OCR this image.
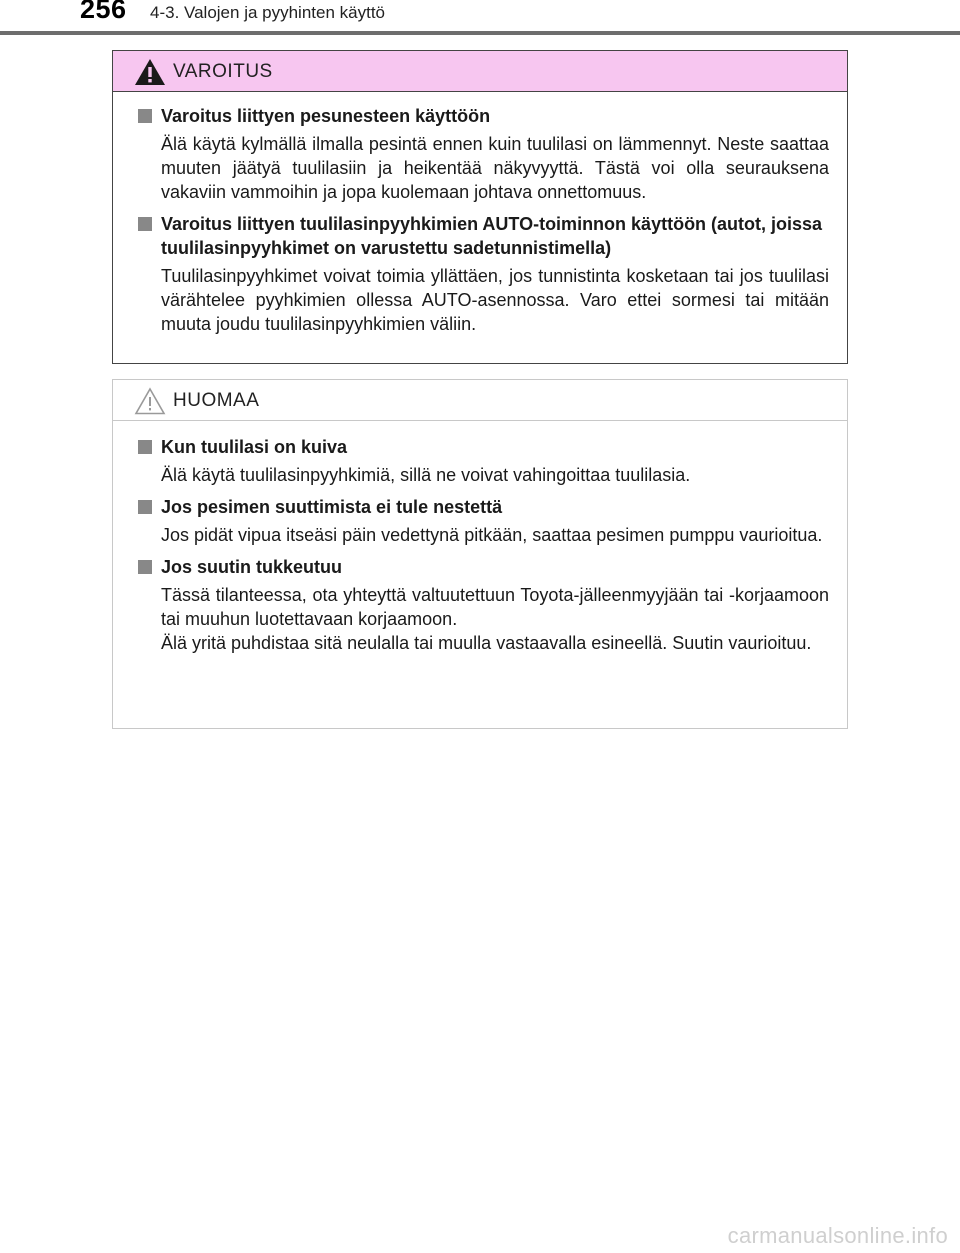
256 4-3. Valojen ja pyyhinten käyttö
VAROITUS
Varoitus liittyen pesunesteen käyttöön
Älä käytä kylmällä ilmalla pesintä ennen kuin tuulilasi on lämmennyt. Neste saattaa muuten jäätyä tuulilasiin ja heikentää näkyvyyttä. Tästä voi olla seurauksena vakaviin vammoihin ja jopa kuolemaan johtava onnettomuus.
Varoitus liittyen tuulilasinpyyhkimien AUTO-toiminnon käyttöön (autot, joissa tuulilasinpyyhkimet on varustettu sadetunnistimella)
Tuulilasinpyyhkimet voivat toimia yllättäen, jos tunnistinta kosketaan tai jos tuulilasi värähtelee pyyhkimien ollessa AUTO-asennossa. Varo ettei sormesi tai mitään muuta joudu tuulilasinpyyhkimien väliin.
HUOMAA
Kun tuulilasi on kuiva
Älä käytä tuulilasinpyyhkimiä, sillä ne voivat vahingoittaa tuulilasia.
Jos pesimen suuttimista ei tule nestettä
Jos pidät vipua itseäsi päin vedettynä pitkään, saattaa pesimen pumppu vaurioitua.
Jos suutin tukkeutuu
Tässä tilanteessa, ota yhteyttä valtuutettuun Toyota-jälleenmyyjään tai -korjaamoon tai muuhun luotettavaan korjaamoon.
Älä yritä puhdistaa sitä neulalla tai muulla vastaavalla esineellä. Suutin vaurioituu.
carmanualsonline.info
